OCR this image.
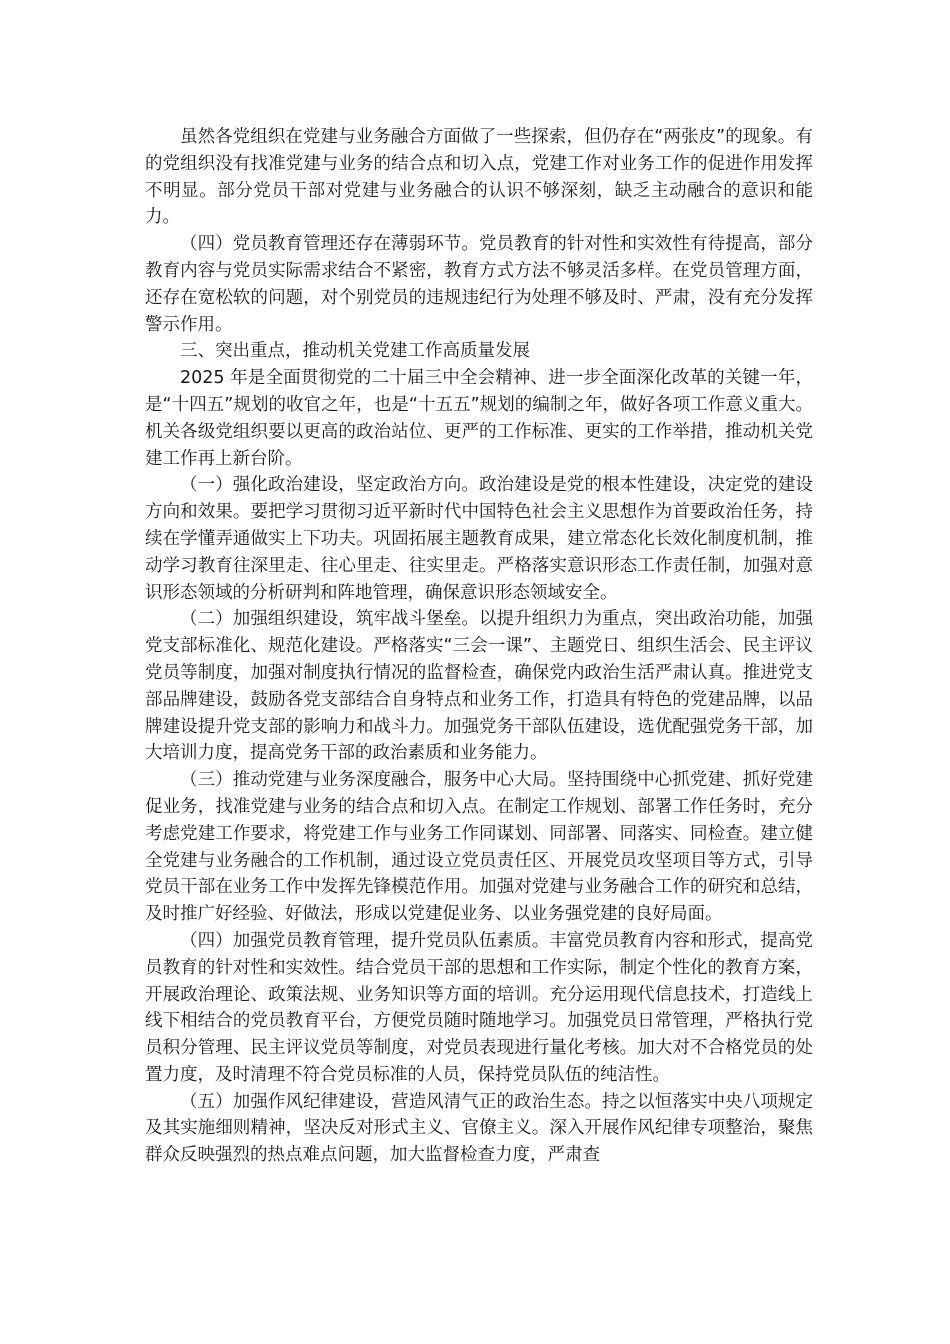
虽然各党组织在党建与业务融合方面做了一些探索，但仍存在“两张皮”的现象。有的党组织没有找准党建与业务的结合点和切入点，党建工作对业务工作的促进作用发挥不明显。部分党员干部对党建与业务融合的认识不够深刻，缺乏主动融合的意识和能力。

（四）党员教育管理还存在薄弱环节。党员教育的针对性和实效性有待提高，部分教育内容与党员实际需求结合不紧密，教育方式方法不够灵活多样。在党员管理方面，还存在宽松软的问题，对个别党员的违规违纪行为处理不够及时、严肃，没有充分发挥警示作用。

三、突出重点，推动机关党建工作高质量发展

2025 年是全面贯彻党的二十届三中全会精神、进一步全面深化改革的关键一年，是“十四五”规划的收官之年，也是“十五五”规划的编制之年，做好各项工作意义重大。机关各级党组织要以更高的政治站位、更严的工作标准、更实的工作举措，推动机关党建工作再上新台阶。

（一）强化政治建设，坚定政治方向。政治建设是党的根本性建设，决定党的建设方向和效果。要把学习贯彻习近平新时代中国特色社会主义思想作为首要政治任务，持续在学懂弄通做实上下功夫。巩固拓展主题教育成果，建立常态化长效化制度机制，推动学习教育往深里走、往心里走、往实里走。严格落实意识形态工作责任制，加强对意识形态领域的分析研判和阵地管理，确保意识形态领域安全。

（二）加强组织建设，筑牢战斗堡垒。以提升组织力为重点，突出政治功能，加强党支部标准化、规范化建设。严格落实“三会一课”、主题党日、组织生活会、民主评议党员等制度，加强对制度执行情况的监督检查，确保党内政治生活严肃认真。推进党支部品牌建设，鼓励各党支部结合自身特点和业务工作，打造具有特色的党建品牌，以品牌建设提升党支部的影响力和战斗力。加强党务干部队伍建设，选优配强党务干部，加大培训力度，提高党务干部的政治素质和业务能力。

（三）推动党建与业务深度融合，服务中心大局。坚持围绕中心抓党建、抓好党建促业务，找准党建与业务的结合点和切入点。在制定工作规划、部署工作任务时，充分考虑党建工作要求，将党建工作与业务工作同谋划、同部署、同落实、同检查。建立健全党建与业务融合的工作机制，通过设立党员责任区、开展党员攻坚项目等方式，引导党员干部在业务工作中发挥先锋模范作用。加强对党建与业务融合工作的研究和总结，及时推广好经验、好做法，形成以党建促业务、以业务强党建的良好局面。

（四）加强党员教育管理，提升党员队伍素质。丰富党员教育内容和形式，提高党员教育的针对性和实效性。结合党员干部的思想和工作实际，制定个性化的教育方案，开展政治理论、政策法规、业务知识等方面的培训。充分运用现代信息技术，打造线上线下相结合的党员教育平台，方便党员随时随地学习。加强党员日常管理，严格执行党员积分管理、民主评议党员等制度，对党员表现进行量化考核。加大对不合格党员的处置力度，及时清理不符合党员标准的人员，保持党员队伍的纯洁性。

（五）加强作风纪律建设，营造风清气正的政治生态。持之以恒落实中央八项规定及其实施细则精神，坚决反对形式主义、官僚主义。深入开展作风纪律专项整治，聚焦群众反映强烈的热点难点问题，加大监督检查力度，严肃查
